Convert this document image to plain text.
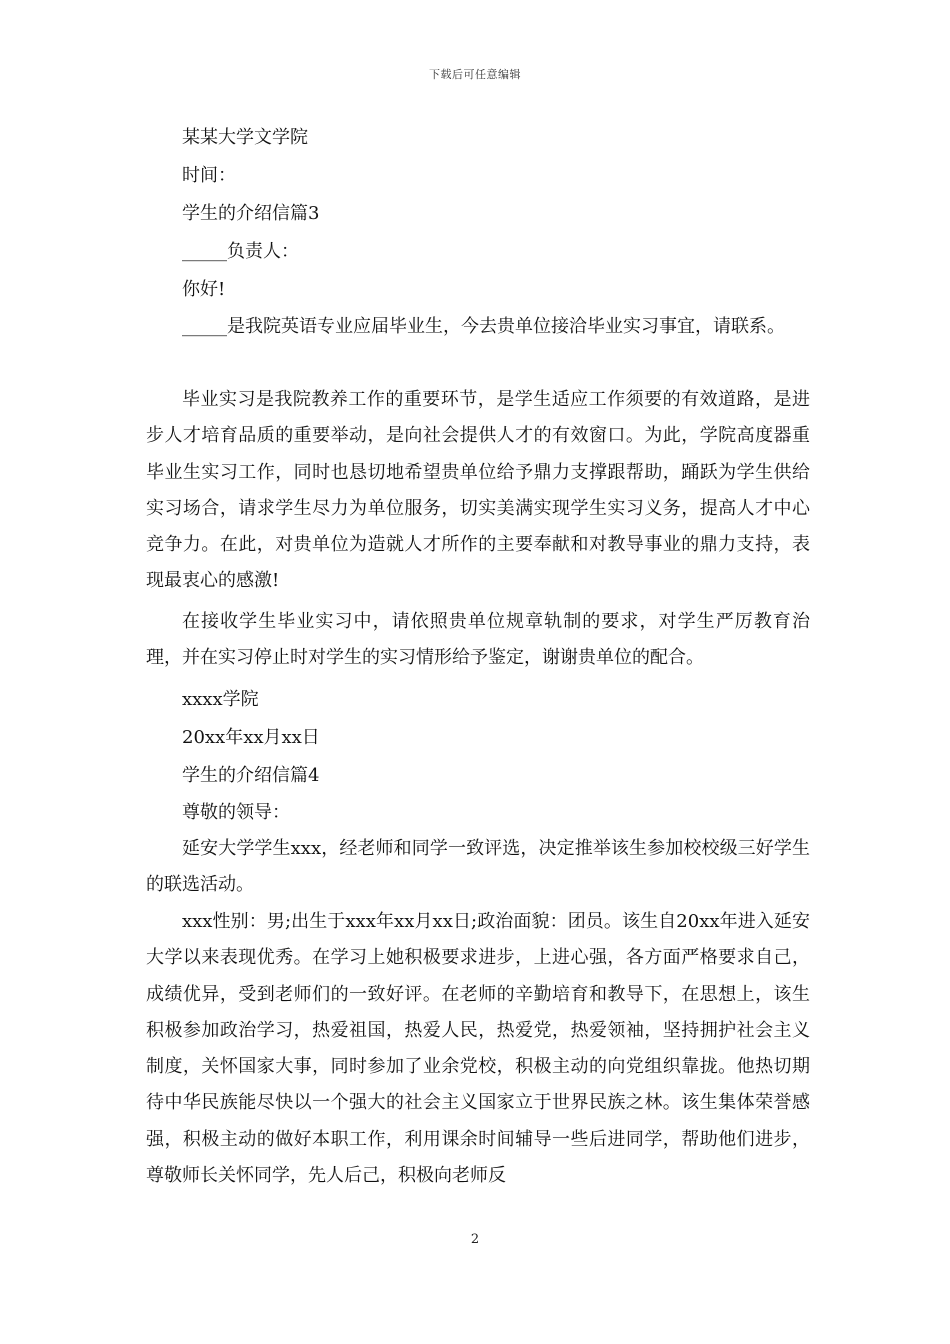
下载后可任意编辑
某某大学文学院
时间：
学生的介绍信篇3
_____负责人：
你好!
_____是我院英语专业应届毕业生，今去贵单位接洽毕业实习事宜，请联系。

毕业实习是我院教养工作的重要环节，是学生适应工作须要的有效道路，是进步人才培育品质的重要举动，是向社会提供人才的有效窗口。为此，学院高度器重毕业生实习工作，同时也恳切地希望贵单位给予鼎力支撑跟帮助，踊跃为学生供给实习场合，请求学生尽力为单位服务，切实美满实现学生实习义务，提高人才中心竞争力。在此，对贵单位为造就人才所作的主要奉献和对教导事业的鼎力支持，表现最衷心的感激!

在接收学生毕业实习中，请依照贵单位规章轨制的要求，对学生严厉教育治理，并在实习停止时对学生的实习情形给予鉴定，谢谢贵单位的配合。

xxxx学院
20xx年xx月xx日
学生的介绍信篇4
尊敬的领导：

延安大学学生xxx，经老师和同学一致评选，决定推举该生参加校校级三好学生的联选活动。

xxx性别：男;出生于xxx年xx月xx日;政治面貌：团员。该生自20xx年进入延安大学以来表现优秀。在学习上她积极要求进步，上进心强，各方面严格要求自己，成绩优异，受到老师们的一致好评。在老师的辛勤培育和教导下，在思想上，该生积极参加政治学习，热爱祖国，热爱人民，热爱党，热爱领袖，坚持拥护社会主义制度，关怀国家大事，同时参加了业余党校，积极主动的向党组织靠拢。他热切期待中华民族能尽快以一个强大的社会主义国家立于世界民族之林。该生集体荣誉感强，积极主动的做好本职工作，利用课余时间辅导一些后进同学，帮助他们进步，尊敬师长关怀同学，先人后己，积极向老师反

2
